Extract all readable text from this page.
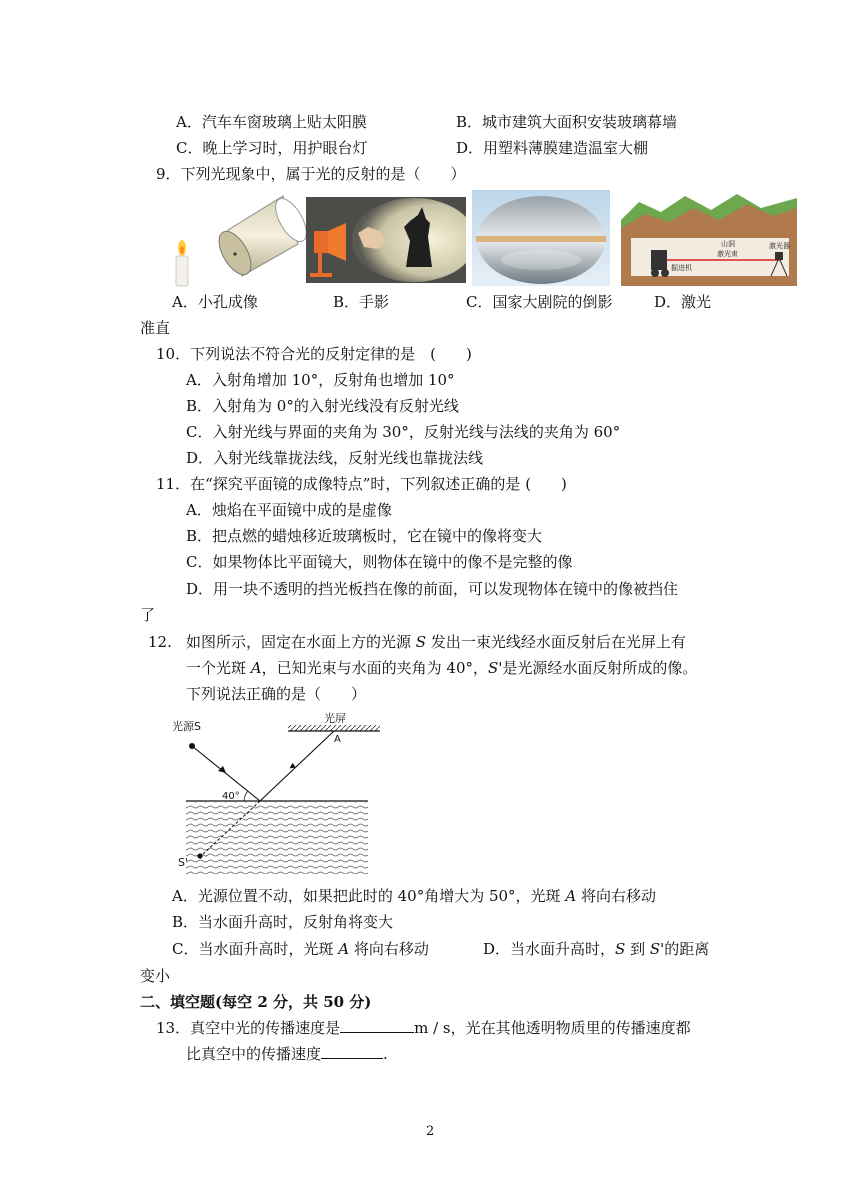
A．汽车车窗玻璃上贴太阳膜	B．城市建筑大面积安装玻璃幕墙
C．晚上学习时，用护眼台灯	D．用塑料薄膜建造温室大棚
9．下列光现象中，属于光的反射的是（　　）
山洞
激光束
掘进机
激光器
A．小孔成像	B．手影	C．国家大剧院的倒影	D．激光
准直
10．下列说法不符合光的反射定律的是　(　　)
A．入射角增加 10°，反射角也增加 10°
B．入射角为 0°的入射光线没有反射光线
C．入射光线与界面的夹角为 30°，反射光线与法线的夹角为 60°
D．入射光线靠拢法线，反射光线也靠拢法线
11．在“探究平面镜的成像特点”时，下列叙述正确的是 (　　)
A．烛焰在平面镜中成的是虚像
B．把点燃的蜡烛移近玻璃板时，它在镜中的像将变大
C．如果物体比平面镜大，则物体在镜中的像不是完整的像
D．用一块不透明的挡光板挡在像的前面，可以发现物体在镜中的像被挡住
了
12. 如图所示，固定在水面上方的光源 S 发出一束光线经水面反射后在光屏上有
一个光斑 A，已知光束与水面的夹角为 40°，S'是光源经水面反射所成的像。
下列说法正确的是（　　）
光源S
光屏
A
S'
40°
A．光源位置不动，如果把此时的 40°角增大为 50°，光斑 A 将向右移动
B．当水面升高时，反射角将变大
C．当水面升高时，光斑 A 将向右移动	D．当水面升高时，S 到 S'的距离
变小
二、填空题(每空 2 分，共 50 分)
13．真空中光的传播速度是	m / s，光在其他透明物质里的传播速度都
比真空中的传播速度	.
2
